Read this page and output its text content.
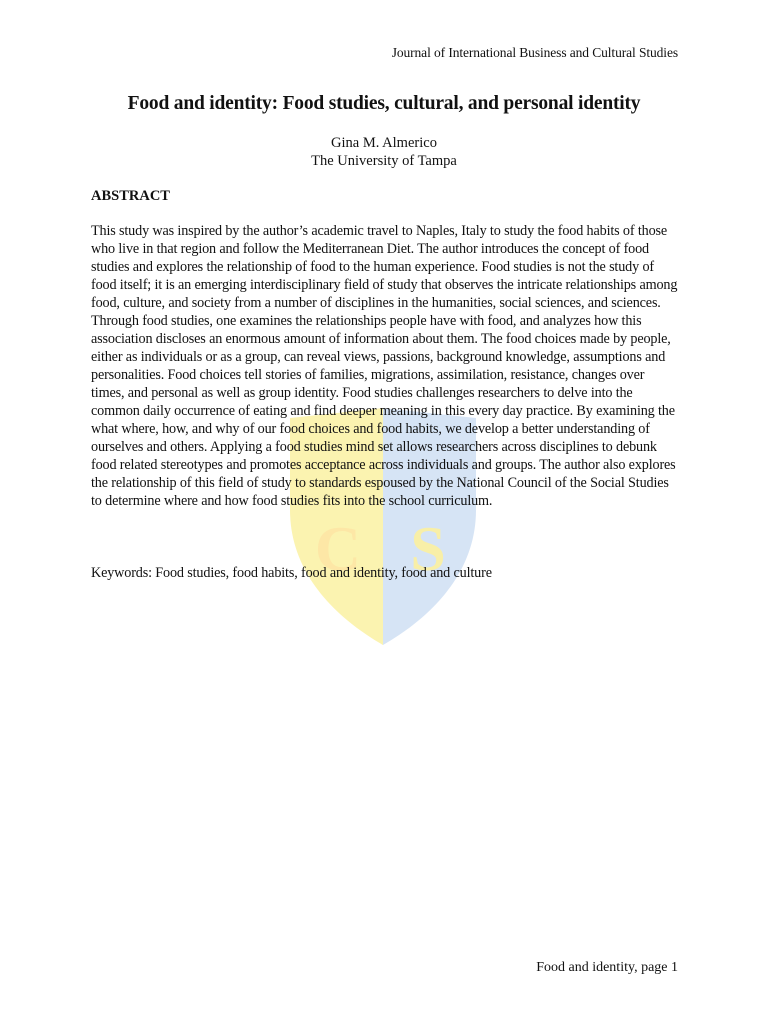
C S
Journal of International Business and Cultural Studies
Food and identity: Food studies, cultural, and personal identity
Gina M. Almerico
The University of Tampa
ABSTRACT

This study was inspired by the author’s academic travel to Naples, Italy to study the food habits of those who live in that region and follow the Mediterranean Diet. The author introduces the concept of food studies and explores the relationship of food to the human experience. Food studies is not the study of food itself; it is an emerging interdisciplinary field of study that observes the intricate relationships among food, culture, and society from a number of disciplines in the humanities, social sciences, and sciences. Through food studies, one examines the relationships people have with food, and analyzes how this association discloses an enormous amount of information about them. The food choices made by people, either as individuals or as a group, can reveal views, passions, background knowledge, assumptions and personalities. Food choices tell stories of families, migrations, assimilation, resistance, changes over times, and personal as well as group identity. Food studies challenges researchers to delve into the common daily occurrence of eating and find deeper meaning in this every day practice. By examining the what where, how, and why of our food choices and food habits, we develop a better understanding of ourselves and others. Applying a food studies mind set allows researchers across disciplines to debunk food related stereotypes and promotes acceptance across individuals and groups. The author also explores the relationship of this field of study to standards espoused by the National Council of the Social Studies to determine where and how food studies fits into the school curriculum.

Keywords: Food studies, food habits, food and identity, food and culture
Food and identity, page 1
